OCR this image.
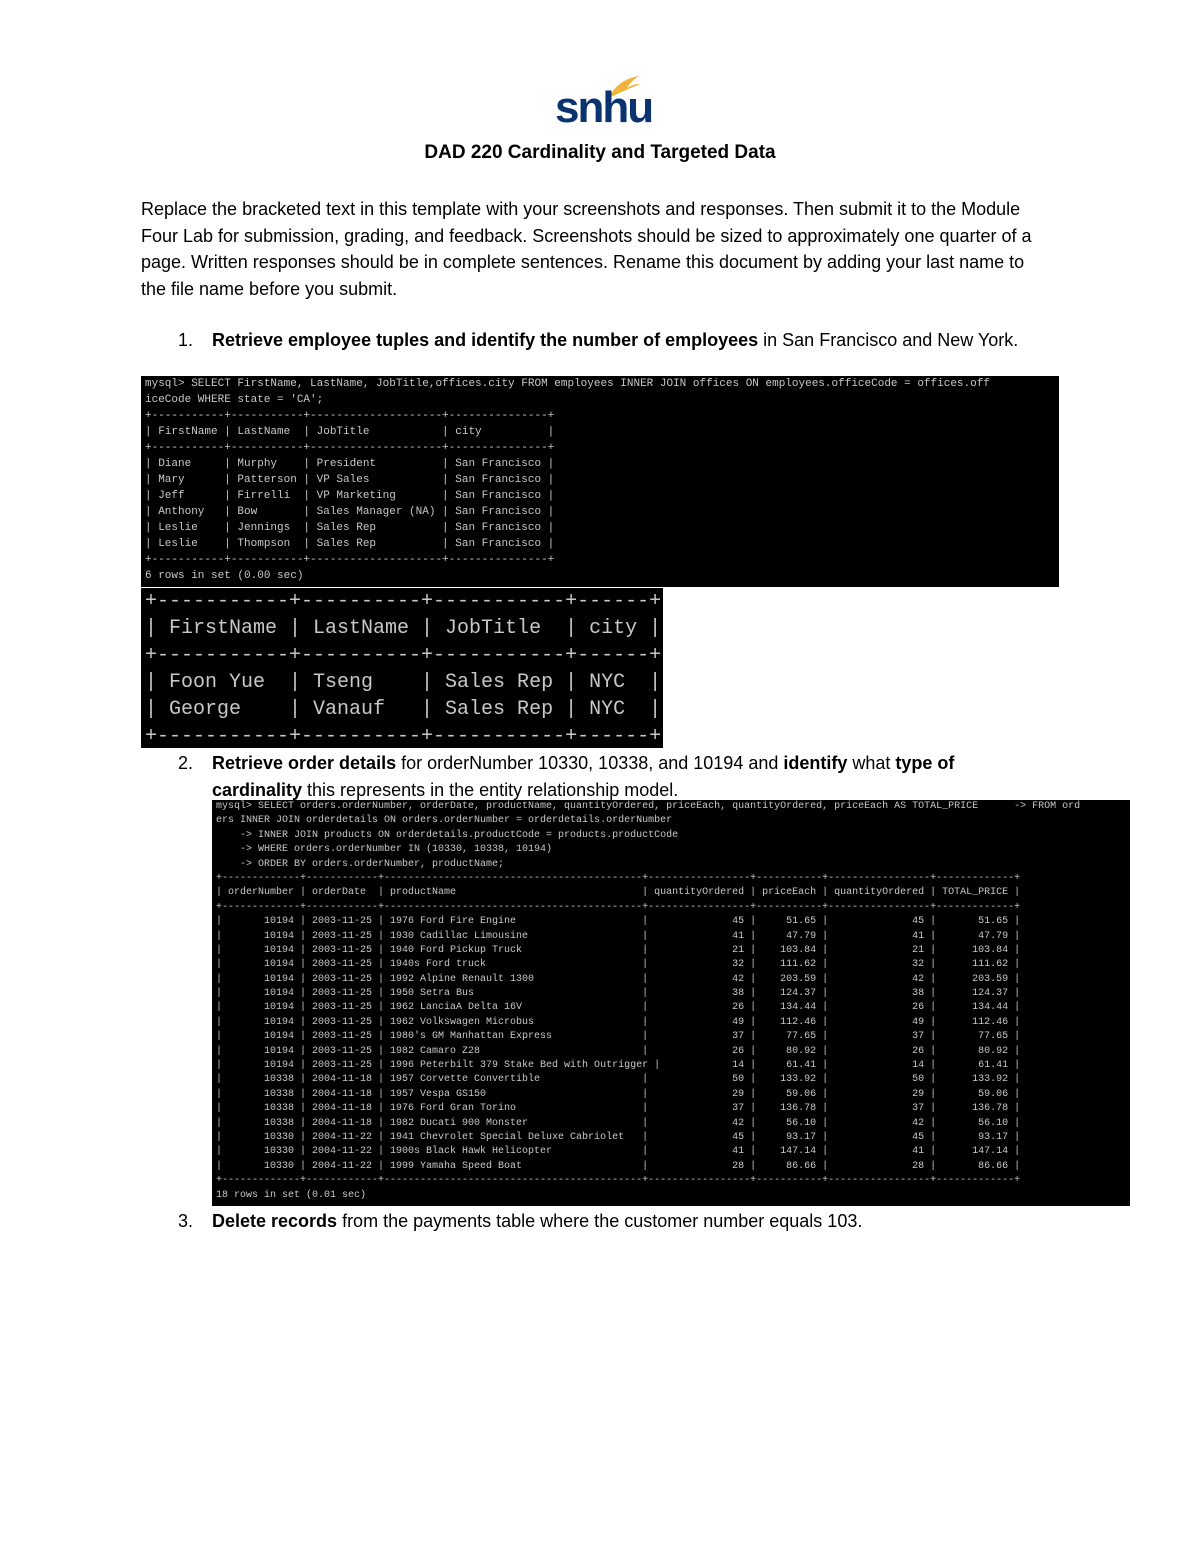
snhu
DAD 220 Cardinality and Targeted Data
Replace the bracketed text in this template with your screenshots and responses. Then submit it to the Module Four Lab for submission, grading, and feedback. Screenshots should be sized to approximately one quarter of a page. Written responses should be in complete sentences. Rename this document by adding your last name to the file name before you submit.
1. Retrieve employee tuples and identify the number of employees in San Francisco and New York.
mysql> SELECT FirstName, LastName, JobTitle,offices.city FROM employees INNER JOIN offices ON employees.officeCode = offices.off
iceCode WHERE state = 'CA';
+-----------+-----------+--------------------+---------------+
| FirstName | LastName  | JobTitle           | city          |
+-----------+-----------+--------------------+---------------+
| Diane     | Murphy    | President          | San Francisco |
| Mary      | Patterson | VP Sales           | San Francisco |
| Jeff      | Firrelli  | VP Marketing       | San Francisco |
| Anthony   | Bow       | Sales Manager (NA) | San Francisco |
| Leslie    | Jennings  | Sales Rep          | San Francisco |
| Leslie    | Thompson  | Sales Rep          | San Francisco |
+-----------+-----------+--------------------+---------------+
6 rows in set (0.00 sec)
+-----------+----------+-----------+------+
| FirstName | LastName | JobTitle  | city |
+-----------+----------+-----------+------+
| Foon Yue  | Tseng    | Sales Rep | NYC  |
| George    | Vanauf   | Sales Rep | NYC  |
+-----------+----------+-----------+------+
2. Retrieve order details for orderNumber 10330, 10338, and 10194 and identify what type of cardinality this represents in the entity relationship model.
mysql> SELECT orders.orderNumber, orderDate, productName, quantityOrdered, priceEach, quantityOrdered, priceEach AS TOTAL_PRICE      -> FROM ord
ers INNER JOIN orderdetails ON orders.orderNumber = orderdetails.orderNumber
-> INNER JOIN products ON orderdetails.productCode = products.productCode
-> WHERE orders.orderNumber IN (10330, 10338, 10194)
-> ORDER BY orders.orderNumber, productName;
+-------------+------------+-------------------------------------------+-----------------+-----------+-----------------+-------------+
| orderNumber | orderDate  | productName                               | quantityOrdered | priceEach | quantityOrdered | TOTAL_PRICE |
+-------------+------------+-------------------------------------------+-----------------+-----------+-----------------+-------------+
|       10194 | 2003-11-25 | 1976 Ford Fire Engine                     |              45 |     51.65 |              45 |       51.65 |
|       10194 | 2003-11-25 | 1930 Cadillac Limousine                   |              41 |     47.79 |              41 |       47.79 |
|       10194 | 2003-11-25 | 1940 Ford Pickup Truck                    |              21 |    103.84 |              21 |      103.84 |
|       10194 | 2003-11-25 | 1940s Ford truck                          |              32 |    111.62 |              32 |      111.62 |
|       10194 | 2003-11-25 | 1992 Alpine Renault 1300                  |              42 |    203.59 |              42 |      203.59 |
|       10194 | 2003-11-25 | 1950 Setra Bus                            |              38 |    124.37 |              38 |      124.37 |
|       10194 | 2003-11-25 | 1962 LanciaA Delta 16V                    |              26 |    134.44 |              26 |      134.44 |
|       10194 | 2003-11-25 | 1962 Volkswagen Microbus                  |              49 |    112.46 |              49 |      112.46 |
|       10194 | 2003-11-25 | 1980's GM Manhattan Express               |              37 |     77.65 |              37 |       77.65 |
|       10194 | 2003-11-25 | 1982 Camaro Z28                           |              26 |     80.92 |              26 |       80.92 |
|       10194 | 2003-11-25 | 1996 Peterbilt 379 Stake Bed with Outrigger |            14 |     61.41 |              14 |       61.41 |
|       10338 | 2004-11-18 | 1957 Corvette Convertible                 |              50 |    133.92 |              50 |      133.92 |
|       10338 | 2004-11-18 | 1957 Vespa GS150                          |              29 |     59.06 |              29 |       59.06 |
|       10338 | 2004-11-18 | 1976 Ford Gran Torino                     |              37 |    136.78 |              37 |      136.78 |
|       10338 | 2004-11-18 | 1982 Ducati 900 Monster                   |              42 |     56.10 |              42 |       56.10 |
|       10330 | 2004-11-22 | 1941 Chevrolet Special Deluxe Cabriolet   |              45 |     93.17 |              45 |       93.17 |
|       10330 | 2004-11-22 | 1900s Black Hawk Helicopter               |              41 |    147.14 |              41 |      147.14 |
|       10330 | 2004-11-22 | 1999 Yamaha Speed Boat                    |              28 |     86.66 |              28 |       86.66 |
+-------------+------------+-------------------------------------------+-----------------+-----------+-----------------+-------------+
18 rows in set (0.01 sec)
3. Delete records from the payments table where the customer number equals 103.
